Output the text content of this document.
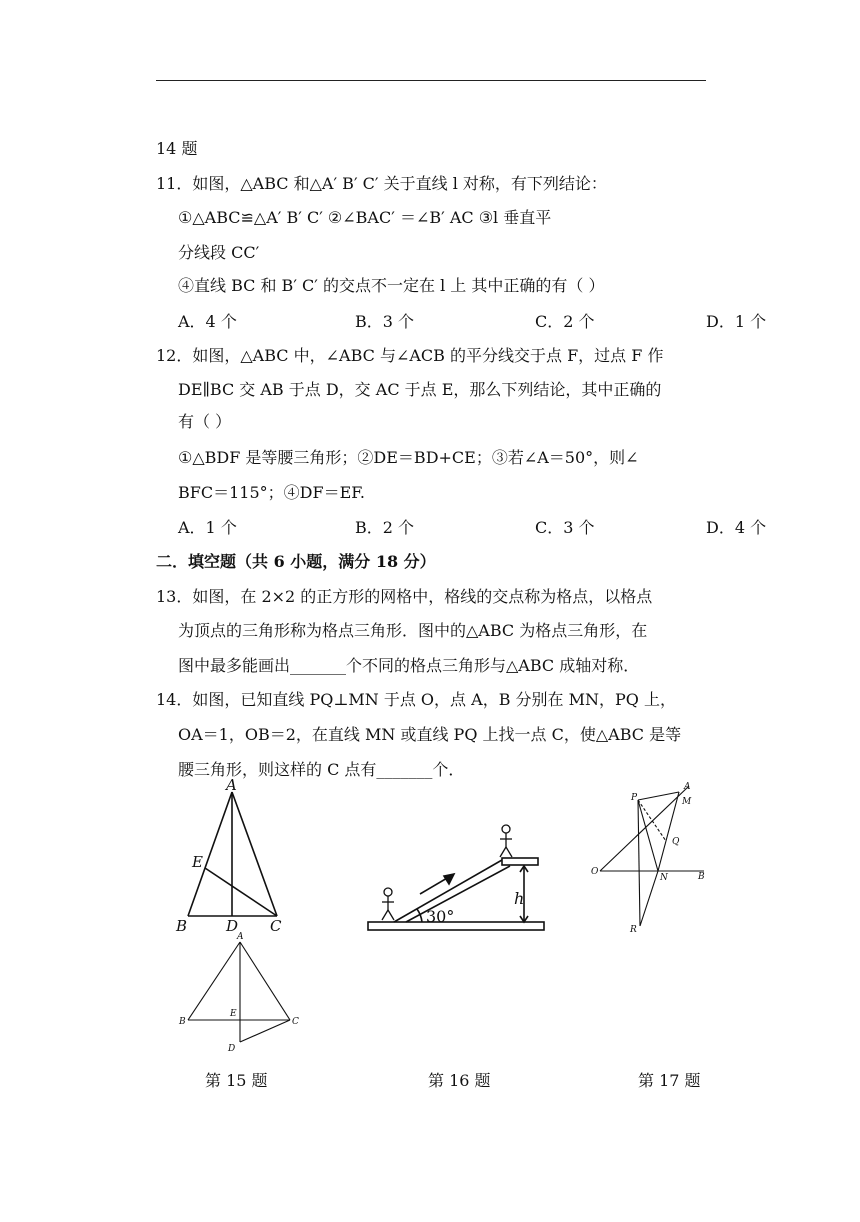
14 题
11．如图，△ABC 和△A′ B′ C′ 关于直线 l 对称，有下列结论：
①△ABC≌△A′ B′ C′ ②∠BAC′ ＝∠B′ AC ③l 垂直平
分线段 CC′
④直线 BC 和 B′ C′ 的交点不一定在 l 上 其中正确的有（ ）
A．4 个	B．3 个	C．2 个	D．1 个
12．如图，△ABC 中，∠ABC 与∠ACB 的平分线交于点 F，过点 F 作
DE∥BC 交 AB 于点 D，交 AC 于点 E，那么下列结论，其中正确的
有（ ）
①△BDF 是等腰三角形；②DE＝BD+CE；③若∠A＝50°，则∠
BFC＝115°；④DF＝EF.
A．1 个	B．2 个	C．3 个	D．4 个
二．填空题（共 6 小题，满分 18 分）
13．如图，在 2×2 的正方形的网格中，格线的交点称为格点，以格点
为顶点的三角形称为格点三角形．图中的△ABC 为格点三角形，在
图中最多能画出_______个不同的格点三角形与△ABC 成轴对称．
14．如图，已知直线 PQ⊥MN 于点 O，点 A，B 分别在 MN，PQ 上，
OA＝1，OB＝2，在直线 MN 或直线 PQ 上找一点 C，使△ABC 是等
腰三角形，则这样的 C 点有_______个．
A
E
B	D C
A
B
E
C
D
30°
h
P
A
M
Q
O
N	B
R
第 15 题	第 16 题	第 17 题
